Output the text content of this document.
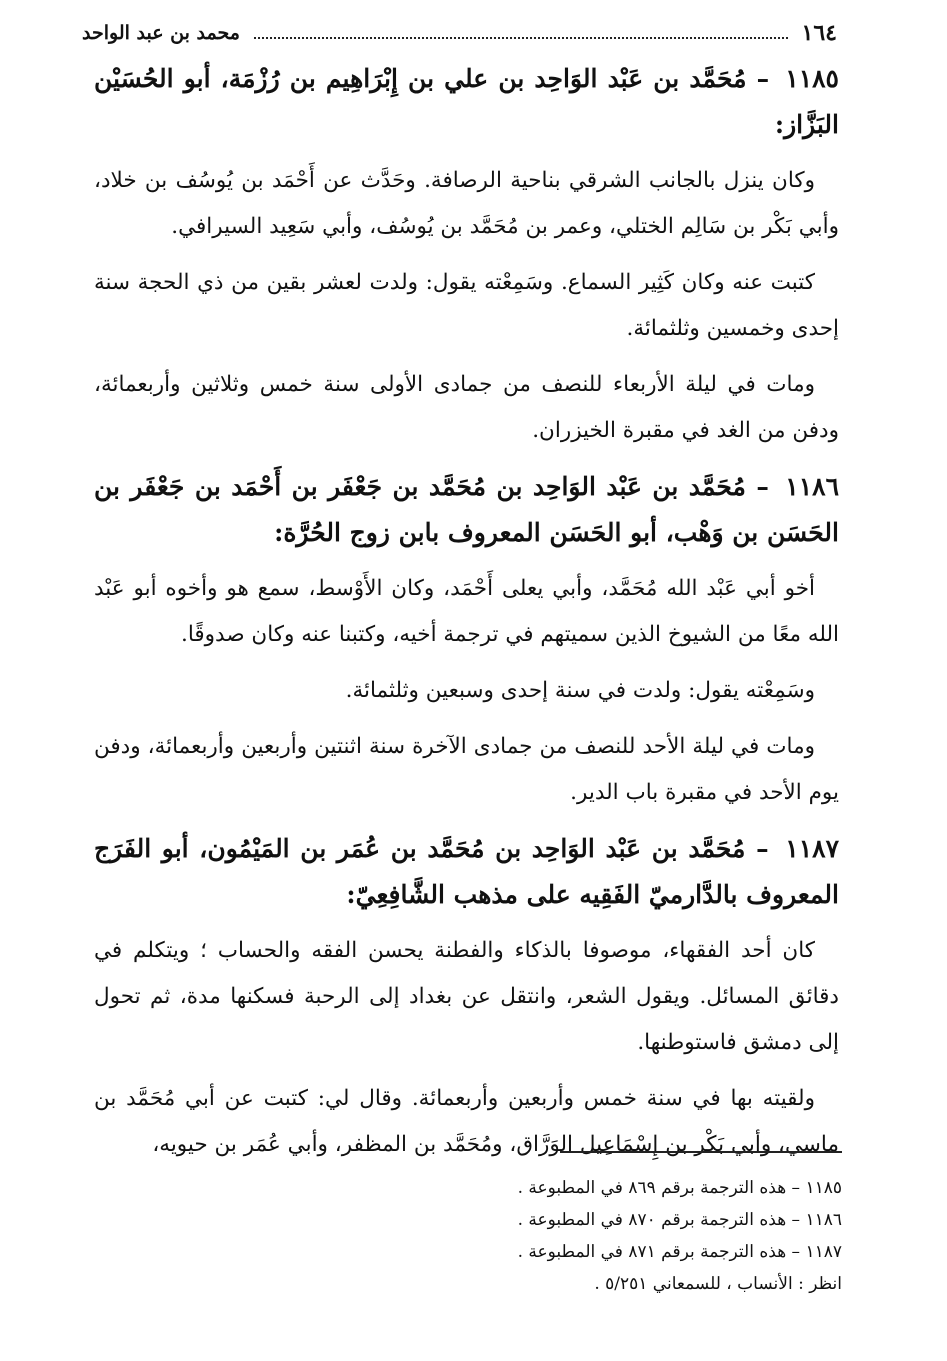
١٦٤
محمد بن عبد الواحد
١١٨٥ – مُحَمَّد بن عَبْد الوَاحِد بن علي بن إِبْرَاهِيم بن رُزْمَة، أبو الحُسَيْن البَزَّاز:

وكان ينزل بالجانب الشرقي بناحية الرصافة. وحَدَّث عن أَحْمَد بن يُوسُف بن خلاد، وأبي بَكْر بن سَالِم الختلي، وعمر بن مُحَمَّد بن يُوسُف، وأبي سَعِيد السيرافي.

كتبت عنه وكان كَثِير السماع. وسَمِعْته يقول: ولدت لعشر بقين من ذي الحجة سنة إحدى وخمسين وثلثمائة.

ومات في ليلة الأربعاء للنصف من جمادى الأولى سنة خمس وثلاثين وأربعمائة، ودفن من الغد في مقبرة الخيزران.

١١٨٦ – مُحَمَّد بن عَبْد الوَاحِد بن مُحَمَّد بن جَعْفَر بن أَحْمَد بن جَعْفَر بن الحَسَن بن وَهْب، أبو الحَسَن المعروف بابن زوج الحُرَّة:

أخو أبي عَبْد الله مُحَمَّد، وأبي يعلى أَحْمَد، وكان الأَوْسط، سمع هو وأخوه أبو عَبْد الله معًا من الشيوخ الذين سميتهم في ترجمة أخيه، وكتبنا عنه وكان صدوقًا.

وسَمِعْته يقول: ولدت في سنة إحدى وسبعين وثلثمائة.

ومات في ليلة الأحد للنصف من جمادى الآخرة سنة اثنتين وأربعين وأربعمائة، ودفن يوم الأحد في مقبرة باب الدير.

١١٨٧ – مُحَمَّد بن عَبْد الوَاحِد بن مُحَمَّد بن عُمَر بن المَيْمُون، أبو الفَرَج المعروف بالدَّارميّ الفَقِيه على مذهب الشَّافِعِيّ:

كان أحد الفقهاء، موصوفا بالذكاء والفطنة يحسن الفقه والحساب ؛ ويتكلم في دقائق المسائل. ويقول الشعر، وانتقل عن بغداد إلى الرحبة فسكنها مدة، ثم تحول إلى دمشق فاستوطنها.

ولقيته بها في سنة خمس وأربعين وأربعمائة. وقال لي: كتبت عن أبي مُحَمَّد بن ماسي، وأبي بَكْر بن إِسْمَاعِيل الوَرَّاق، ومُحَمَّد بن المظفر، وأبي عُمَر بن حيويه،

١١٨٥ – هذه الترجمة برقم ٨٦٩ في المطبوعة .
١١٨٦ – هذه الترجمة برقم ٨٧٠ في المطبوعة .
١١٨٧ – هذه الترجمة برقم ٨٧١ في المطبوعة .
انظر : الأنساب ، للسمعاني ٥/٢٥١ .
